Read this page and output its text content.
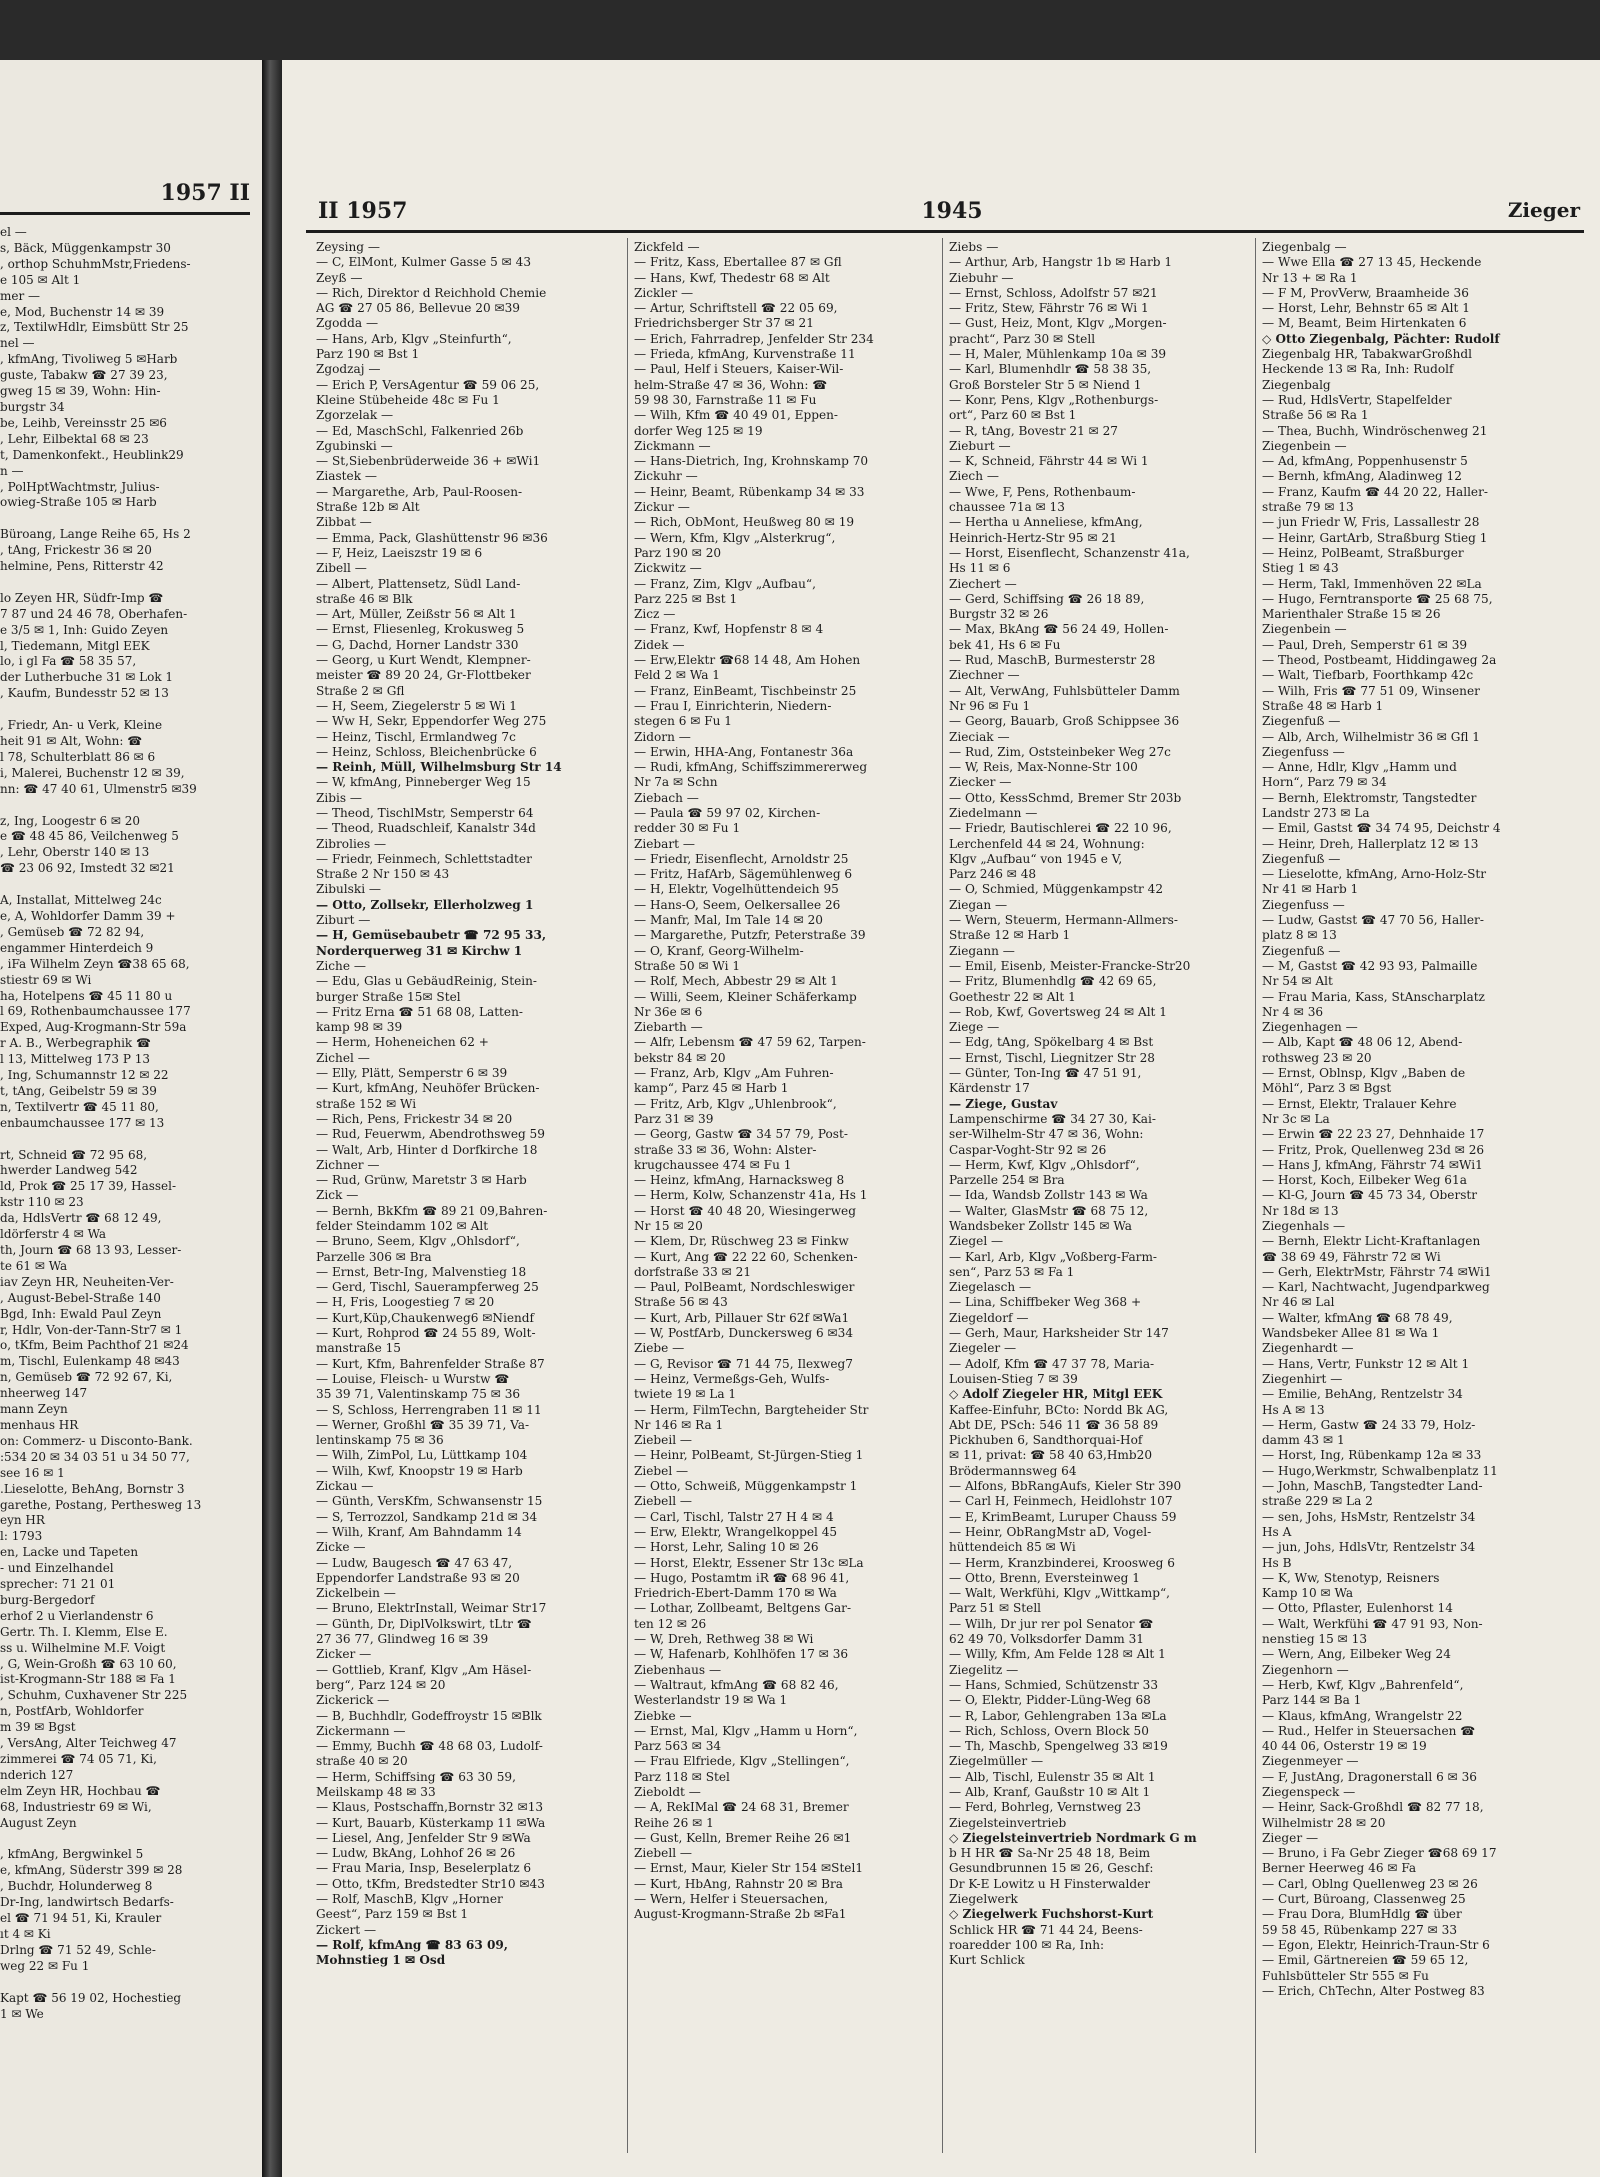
1957 II
el —
s, Bäck, Müggenkampstr 30
, orthop SchuhmMstr,Friedens-
e 105 ✉ Alt 1
mer —
e, Mod, Buchenstr 14 ✉ 39
z, TextilwHdlr, Eimsbütt Str 25
nel —
, kfmAng, Tivoliweg 5 ✉Harb
guste, Tabakw ☎ 27 39 23,
gweg 15 ✉ 39, Wohn: Hin-
burgstr 34
be, Leihb, Vereinsstr 25 ✉6
, Lehr, Eilbektal 68 ✉ 23
t, Damenkonfekt., Heublink29
n —
, PolHptWachtmstr, Julius-
owieg-Straße 105 ✉ Harb

Büroang, Lange Reihe 65, Hs 2
, tAng, Frickestr 36 ✉ 20
helmine, Pens, Ritterstr 42

lo Zeyen HR, Südfr-Imp ☎
7 87 und 24 46 78, Oberhafen-
e 3/5 ✉ 1, Inh: Guido Zeyen
l, Tiedemann, Mitgl EEK
lo, i gl Fa ☎ 58 35 57,
der Lutherbuche 31 ✉ Lok 1
, Kaufm, Bundesstr 52 ✉ 13

, Friedr, An- u Verk, Kleine
heit 91 ✉ Alt, Wohn: ☎
l 78, Schulterblatt 86 ✉ 6
i, Malerei, Buchenstr 12 ✉ 39,
nn: ☎ 47 40 61, Ulmenstr5 ✉39

z, Ing, Loogestr 6 ✉ 20
e ☎ 48 45 86, Veilchenweg 5
, Lehr, Oberstr 140 ✉ 13
☎ 23 06 92, Imstedt 32 ✉21

A, Installat, Mittelweg 24c
e, A, Wohldorfer Damm 39 +
, Gemüseb ☎ 72 82 94,
engammer Hinterdeich 9
, iFa Wilhelm Zeyn ☎38 65 68,
stiestr 69 ✉ Wi
ha, Hotelpens ☎ 45 11 80 u
l 69, Rothenbaumchaussee 177
Exped, Aug-Krogmann-Str 59a
r A. B., Werbegraphik ☎
l 13, Mittelweg 173 P 13
, Ing, Schumannstr 12 ✉ 22
t, tAng, Geibelstr 59 ✉ 39
n, Textilvertr ☎ 45 11 80,
enbaumchaussee 177 ✉ 13

rt, Schneid ☎ 72 95 68,
hwerder Landweg 542
ld, Prok ☎ 25 17 39, Hassel-
kstr 110 ✉ 23
da, HdlsVertr ☎ 68 12 49,
ldörferstr 4 ✉ Wa
th, Journ ☎ 68 13 93, Lesser-
te 61 ✉ Wa
iav Zeyn HR, Neuheiten-Ver-
, August-Bebel-Straße 140
Bgd, Inh: Ewald Paul Zeyn
r, Hdlr, Von-der-Tann-Str7 ✉ 1
o, tKfm, Beim Pachthof 21 ✉24
m, Tischl, Eulenkamp 48 ✉43
n, Gemüseb ☎ 72 92 67, Ki,
nheerweg 147
mann Zeyn
menhaus HR
on: Commerz- u Disconto-Bank.
:534 20 ✉ 34 03 51 u 34 50 77,
see 16 ✉ 1
.Lieselotte, BehAng, Bornstr 3
garethe, Postang, Perthesweg 13
eyn HR
l: 1793
en, Lacke und Tapeten
- und Einzelhandel
sprecher: 71 21 01
burg-Bergedorf
erhof 2 u Vierlandenstr 6
Gertr. Th. I. Klemm, Else E.
ss u. Wilhelmine M.F. Voigt
, G, Wein-Großh ☎ 63 10 60,
ist-Krogmann-Str 188 ✉ Fa 1
, Schuhm, Cuxhavener Str 225
n, PostfArb, Wohldorfer
m 39 ✉ Bgst
, VersAng, Alter Teichweg 47
zimmerei ☎ 74 05 71, Ki,
nderich 127
elm Zeyn HR, Hochbau ☎
68, Industriestr 69 ✉ Wi,
August Zeyn

, kfmAng, Bergwinkel 5
e, kfmAng, Süderstr 399 ✉ 28
, Buchdr, Holunderweg 8
Dr-Ing, landwirtsch Bedarfs-
el ☎ 71 94 51, Ki, Krauler
ıt 4 ✉ Ki
Drlng ☎ 71 52 49, Schle-
weg 22 ✉ Fu 1

Kapt ☎ 56 19 02, Hochestieg
1 ✉ We
II 1957	1945	Zieger
Zeysing —
— C, ElMont, Kulmer Gasse 5 ✉ 43
Zeyß —
— Rich, Direktor d Reichhold Chemie
AG ☎ 27 05 86, Bellevue 20 ✉39
Zgodda —
— Hans, Arb, Klgv „Steinfurth“,
Parz 190 ✉ Bst 1
Zgodzaj —
— Erich P, VersAgentur ☎ 59 06 25,
Kleine Stübeheide 48c ✉ Fu 1
Zgorzelak —
— Ed, MaschSchl, Falkenried 26b
Zgubinski —
— St,Siebenbrüderweide 36 + ✉Wi1
Ziastek —
— Margarethe, Arb, Paul-Roosen-
Straße 12b ✉ Alt
Zibbat —
— Emma, Pack, Glashüttenstr 96 ✉36
— F, Heiz, Laeiszstr 19 ✉ 6
Zibell —
— Albert, Plattensetz, Südl Land-
straße 46 ✉ Blk
— Art, Müller, Zeißstr 56 ✉ Alt 1
— Ernst, Fliesenleg, Krokusweg 5
— G, Dachd, Horner Landstr 330
— Georg, u Kurt Wendt, Klempner-
meister ☎ 89 20 24, Gr-Flottbeker
Straße 2 ✉ Gfl
— H, Seem, Ziegelerstr 5 ✉ Wi 1
— Ww H, Sekr, Eppendorfer Weg 275
— Heinz, Tischl, Ermlandweg 7c
— Heinz, Schloss, Bleichenbrücke 6
— Reinh, Müll, Wilhelmsburg Str 14
— W, kfmAng, Pinneberger Weg 15
Zibis —
— Theod, TischlMstr, Semperstr 64
— Theod, Ruadschleif, Kanalstr 34d
Zibrolies —
— Friedr, Feinmech, Schlettstadter
Straße 2 Nr 150 ✉ 43
Zibulski —
— Otto, Zollsekr, Ellerholzweg 1
Ziburt —
— H, Gemüsebaubetr ☎ 72 95 33,
Norderquerweg 31 ✉ Kirchw 1
Ziche —
— Edu, Glas u GebäudReinig, Stein-
burger Straße 15✉ Stel
— Fritz Erna ☎ 51 68 08, Latten-
kamp 98 ✉ 39
— Herm, Hoheneichen 62 +
Zichel —
— Elly, Plätt, Semperstr 6 ✉ 39
— Kurt, kfmAng, Neuhöfer Brücken-
straße 152 ✉ Wi
— Rich, Pens, Frickestr 34 ✉ 20
— Rud, Feuerwm, Abendrothsweg 59
— Walt, Arb, Hinter d Dorfkirche 18
Zichner —
— Rud, Grünw, Maretstr 3 ✉ Harb
Zick —
— Bernh, BkKfm ☎ 89 21 09,Bahren-
felder Steindamm 102 ✉ Alt
— Bruno, Seem, Klgv „Ohlsdorf“,
Parzelle 306 ✉ Bra
— Ernst, Betr-Ing, Malvenstieg 18
— Gerd, Tischl, Sauerampferweg 25
— H, Fris, Loogestieg 7 ✉ 20
— Kurt,Küp,Chaukenweg6 ✉Niendf
— Kurt, Rohprod ☎ 24 55 89, Wolt-
manstraße 15
— Kurt, Kfm, Bahrenfelder Straße 87
— Louise, Fleisch- u Wurstw ☎
35 39 71, Valentinskamp 75 ✉ 36
— S, Schloss, Herrengraben 11 ✉ 11
— Werner, Großhl ☎ 35 39 71, Va-
lentinskamp 75 ✉ 36
— Wilh, ZimPol, Lu, Lüttkamp 104
— Wilh, Kwf, Knoopstr 19 ✉ Harb
Zickau —
— Günth, VersKfm, Schwansenstr 15
— S, Terrozzol, Sandkamp 21d ✉ 34
— Wilh, Kranf, Am Bahndamm 14
Zicke —
— Ludw, Baugesch ☎ 47 63 47,
Eppendorfer Landstraße 93 ✉ 20
Zickelbein —
— Bruno, ElektrInstall, Weimar Str17
— Günth, Dr, DiplVolkswirt, tLtr ☎
27 36 77, Glindweg 16 ✉ 39
Zicker —
— Gottlieb, Kranf, Klgv „Am Häsel-
berg“, Parz 124 ✉ 20
Zickerick —
— B, Buchhdlr, Godeffroystr 15 ✉Blk
Zickermann —
— Emmy, Buchh ☎ 48 68 03, Ludolf-
straße 40 ✉ 20
— Herm, Schiffsing ☎ 63 30 59,
Meilskamp 48 ✉ 33
— Klaus, Postschaffn,Bornstr 32 ✉13
— Kurt, Bauarb, Küsterkamp 11 ✉Wa
— Liesel, Ang, Jenfelder Str 9 ✉Wa
— Ludw, BkAng, Lohhof 26 ✉ 26
— Frau Maria, Insp, Beselerplatz 6
— Otto, tKfm, Bredstedter Str10 ✉43
— Rolf, MaschB, Klgv „Horner
Geest“, Parz 159 ✉ Bst 1
Zickert —
— Rolf, kfmAng ☎ 83 63 09,
Mohnstieg 1 ✉ Osd
Zickfeld —
— Fritz, Kass, Ebertallee 87 ✉ Gfl
— Hans, Kwf, Thedestr 68 ✉ Alt
Zickler —
— Artur, Schriftstell ☎ 22 05 69,
Friedrichsberger Str 37 ✉ 21
— Erich, Fahrradrep, Jenfelder Str 234
— Frieda, kfmAng, Kurvenstraße 11
— Paul, Helf i Steuers, Kaiser-Wil-
helm-Straße 47 ✉ 36, Wohn: ☎
59 98 30, Farnstraße 11 ✉ Fu
— Wilh, Kfm ☎ 40 49 01, Eppen-
dorfer Weg 125 ✉ 19
Zickmann —
— Hans-Dietrich, Ing, Krohnskamp 70
Zickuhr —
— Heinr, Beamt, Rübenkamp 34 ✉ 33
Zickur —
— Rich, ObMont, Heußweg 80 ✉ 19
— Wern, Kfm, Klgv „Alsterkrug“,
Parz 190 ✉ 20
Zickwitz —
— Franz, Zim, Klgv „Aufbau“,
Parz 225 ✉ Bst 1
Zicz —
— Franz, Kwf, Hopfenstr 8 ✉ 4
Zidek —
— Erw,Elektr ☎68 14 48, Am Hohen
Feld 2 ✉ Wa 1
— Franz, EinBeamt, Tischbeinstr 25
— Frau I, Einrichterin, Niedern-
stegen 6 ✉ Fu 1
Zidorn —
— Erwin, HHA-Ang, Fontanestr 36a
— Rudi, kfmAng, Schiffszimmererweg
Nr 7a ✉ Schn
Ziebach —
— Paula ☎ 59 97 02, Kirchen-
redder 30 ✉ Fu 1
Ziebart —
— Friedr, Eisenflecht, Arnoldstr 25
— Fritz, HafArb, Sägemühlenweg 6
— H, Elektr, Vogelhüttendeich 95
— Hans-O, Seem, Oelkersallee 26
— Manfr, Mal, Im Tale 14 ✉ 20
— Margarethe, Putzfr, Peterstraße 39
— O, Kranf, Georg-Wilhelm-
Straße 50 ✉ Wi 1
— Rolf, Mech, Abbestr 29 ✉ Alt 1
— Willi, Seem, Kleiner Schäferkamp
Nr 36e ✉ 6
Ziebarth —
— Alfr, Lebensm ☎ 47 59 62, Tarpen-
bekstr 84 ✉ 20
— Franz, Arb, Klgv „Am Fuhren-
kamp“, Parz 45 ✉ Harb 1
— Fritz, Arb, Klgv „Uhlenbrook“,
Parz 31 ✉ 39
— Georg, Gastw ☎ 34 57 79, Post-
straße 33 ✉ 36, Wohn: Alster-
krugchaussee 474 ✉ Fu 1
— Heinz, kfmAng, Harnacksweg 8
— Herm, Kolw, Schanzenstr 41a, Hs 1
— Horst ☎ 40 48 20, Wiesingerweg
Nr 15 ✉ 20
— Klem, Dr, Rüschweg 23 ✉ Finkw
— Kurt, Ang ☎ 22 22 60, Schenken-
dorfstraße 33 ✉ 21
— Paul, PolBeamt, Nordschleswiger
Straße 56 ✉ 43
— Kurt, Arb, Pillauer Str 62f ✉Wa1
— W, PostfArb, Dunckersweg 6 ✉34
Ziebe —
— G, Revisor ☎ 71 44 75, Ilexweg7
— Heinz, Vermeßgs-Geh, Wulfs-
twiete 19 ✉ La 1
— Herm, FilmTechn, Bargteheider Str
Nr 146 ✉ Ra 1
Ziebeil —
— Heinr, PolBeamt, St-Jürgen-Stieg 1
Ziebel —
— Otto, Schweiß, Müggenkampstr 1
Ziebell —
— Carl, Tischl, Talstr 27 H 4 ✉ 4
— Erw, Elektr, Wrangelkoppel 45
— Horst, Lehr, Saling 10 ✉ 26
— Horst, Elektr, Essener Str 13c ✉La
— Hugo, Postamtm iR ☎ 68 96 41,
Friedrich-Ebert-Damm 170 ✉ Wa
— Lothar, Zollbeamt, Beltgens Gar-
ten 12 ✉ 26
— W, Dreh, Rethweg 38 ✉ Wi
— W, Hafenarb, Kohlhöfen 17 ✉ 36
Ziebenhaus —
— Waltraut, kfmAng ☎ 68 82 46,
Westerlandstr 19 ✉ Wa 1
Ziebke —
— Ernst, Mal, Klgv „Hamm u Horn“,
Parz 563 ✉ 34
— Frau Elfriede, Klgv „Stellingen“,
Parz 118 ✉ Stel
Zieboldt —
— A, RekIMal ☎ 24 68 31, Bremer
Reihe 26 ✉ 1
— Gust, Kelln, Bremer Reihe 26 ✉1
Ziebell —
— Ernst, Maur, Kieler Str 154 ✉Stel1
— Kurt, HbAng, Rahnstr 20 ✉ Bra
— Wern, Helfer i Steuersachen,
August-Krogmann-Straße 2b ✉Fa1
Ziebs —
— Arthur, Arb, Hangstr 1b ✉ Harb 1
Ziebuhr —
— Ernst, Schloss, Adolfstr 57 ✉21
— Fritz, Stew, Fährstr 76 ✉ Wi 1
— Gust, Heiz, Mont, Klgv „Morgen-
pracht“, Parz 30 ✉ Stell
— H, Maler, Mühlenkamp 10a ✉ 39
— Karl, Blumenhdlr ☎ 58 38 35,
Groß Borsteler Str 5 ✉ Niend 1
— Konr, Pens, Klgv „Rothenburgs-
ort“, Parz 60 ✉ Bst 1
— R, tAng, Bovestr 21 ✉ 27
Zieburt —
— K, Schneid, Fährstr 44 ✉ Wi 1
Ziech —
— Wwe, F, Pens, Rothenbaum-
chaussee 71a ✉ 13
— Hertha u Anneliese, kfmAng,
Heinrich-Hertz-Str 95 ✉ 21
— Horst, Eisenflecht, Schanzenstr 41a,
Hs 11 ✉ 6
Ziechert —
— Gerd, Schiffsing ☎ 26 18 89,
Burgstr 32 ✉ 26
— Max, BkAng ☎ 56 24 49, Hollen-
bek 41, Hs 6 ✉ Fu
— Rud, MaschB, Burmesterstr 28
Ziechner —
— Alt, VerwAng, Fuhlsbütteler Damm
Nr 96 ✉ Fu 1
— Georg, Bauarb, Groß Schippsee 36
Zieciak —
— Rud, Zim, Oststeinbeker Weg 27c
— W, Reis, Max-Nonne-Str 100
Ziecker —
— Otto, KessSchmd, Bremer Str 203b
Ziedelmann —
— Friedr, Bautischlerei ☎ 22 10 96,
Lerchenfeld 44 ✉ 24, Wohnung:
Klgv „Aufbau“ von 1945 e V,
Parz 246 ✉ 48
— O, Schmied, Müggenkampstr 42
Ziegan —
— Wern, Steuerm, Hermann-Allmers-
Straße 12 ✉ Harb 1
Ziegann —
— Emil, Eisenb, Meister-Francke-Str20
— Fritz, Blumenhdlg ☎ 42 69 65,
Goethestr 22 ✉ Alt 1
— Rob, Kwf, Govertsweg 24 ✉ Alt 1
Ziege —
— Edg, tAng, Spökelbarg 4 ✉ Bst
— Ernst, Tischl, Liegnitzer Str 28
— Günter, Ton-Ing ☎ 47 51 91,
Kärdenstr 17
— Ziege, Gustav
Lampenschirme ☎ 34 27 30, Kai-
ser-Wilhelm-Str 47 ✉ 36, Wohn:
Caspar-Voght-Str 92 ✉ 26
— Herm, Kwf, Klgv „Ohlsdorf“,
Parzelle 254 ✉ Bra
— Ida, Wandsb Zollstr 143 ✉ Wa
— Walter, GlasMstr ☎ 68 75 12,
Wandsbeker Zollstr 145 ✉ Wa
Ziegel —
— Karl, Arb, Klgv „Voßberg-Farm-
sen“, Parz 53 ✉ Fa 1
Ziegelasch —
— Lina, Schiffbeker Weg 368 +
Ziegeldorf —
— Gerh, Maur, Harksheider Str 147
Ziegeler —
— Adolf, Kfm ☎ 47 37 78, Maria-
Louisen-Stieg 7 ✉ 39
◇ Adolf Ziegeler HR, Mitgl EEK
Kaffee-Einfuhr, BCto: Nordd Bk AG,
Abt DE, PSch: 546 11 ☎ 36 58 89
Pickhuben 6, Sandthorquai-Hof
✉ 11, privat: ☎ 58 40 63,Hmb20
Brödermannsweg 64
— Alfons, BbRangAufs, Kieler Str 390
— Carl H, Feinmech, Heidlohstr 107
— E, KrimBeamt, Luruper Chauss 59
— Heinr, ObRangMstr aD, Vogel-
hüttendeich 85 ✉ Wi
— Herm, Kranzbinderei, Kroosweg 6
— Otto, Brenn, Eversteinweg 1
— Walt, Werkfühi, Klgv „Wittkamp“,
Parz 51 ✉ Stell
— Wilh, Dr jur rer pol Senator ☎
62 49 70, Volksdorfer Damm 31
— Willy, Kfm, Am Felde 128 ✉ Alt 1
Ziegelitz —
— Hans, Schmied, Schützenstr 33
— O, Elektr, Pidder-Lüng-Weg 68
— R, Labor, Gehlengraben 13a ✉La
— Rich, Schloss, Overn Block 50
— Th, Maschb, Spengelweg 33 ✉19
Ziegelmüller —
— Alb, Tischl, Eulenstr 35 ✉ Alt 1
— Alb, Kranf, Gaußstr 10 ✉ Alt 1
— Ferd, Bohrleg, Vernstweg 23
Ziegelsteinvertrieb
◇ Ziegelsteinvertrieb Nordmark G m
b H HR ☎ Sa-Nr 25 48 18, Beim
Gesundbrunnen 15 ✉ 26, Geschf:
Dr K-E Lowitz u H Finsterwalder
Ziegelwerk
◇ Ziegelwerk Fuchshorst-Kurt
Schlick HR ☎ 71 44 24, Beens-
roaredder 100 ✉ Ra, Inh:
Kurt Schlick
Ziegenbalg —
— Wwe Ella ☎ 27 13 45, Heckende
Nr 13 + ✉ Ra 1
— F M, ProvVerw, Braamheide 36
— Horst, Lehr, Behnstr 65 ✉ Alt 1
— M, Beamt, Beim Hirtenkaten 6
◇ Otto Ziegenbalg, Pächter: Rudolf
Ziegenbalg HR, TabakwarGroßhdl
Heckende 13 ✉ Ra, Inh: Rudolf
Ziegenbalg
— Rud, HdlsVertr, Stapelfelder
Straße 56 ✉ Ra 1
— Thea, Buchh, Windröschenweg 21
Ziegenbein —
— Ad, kfmAng, Poppenhusenstr 5
— Bernh, kfmAng, Aladinweg 12
— Franz, Kaufm ☎ 44 20 22, Haller-
straße 79 ✉ 13
— jun Friedr W, Fris, Lassallestr 28
— Heinr, GartArb, Straßburg Stieg 1
— Heinz, PolBeamt, Straßburger
Stieg 1 ✉ 43
— Herm, Takl, Immenhöven 22 ✉La
— Hugo, Ferntransporte ☎ 25 68 75,
Marienthaler Straße 15 ✉ 26
Ziegenbein —
— Paul, Dreh, Semperstr 61 ✉ 39
— Theod, Postbeamt, Hiddingaweg 2a
— Walt, Tiefbarb, Foorthkamp 42c
— Wilh, Fris ☎ 77 51 09, Winsener
Straße 48 ✉ Harb 1
Ziegenfuß —
— Alb, Arch, Wilhelmistr 36 ✉ Gfl 1
Ziegenfuss —
— Anne, Hdlr, Klgv „Hamm und
Horn“, Parz 79 ✉ 34
— Bernh, Elektromstr, Tangstedter
Landstr 273 ✉ La
— Emil, Gastst ☎ 34 74 95, Deichstr 4
— Heinr, Dreh, Hallerplatz 12 ✉ 13
Ziegenfuß —
— Lieselotte, kfmAng, Arno-Holz-Str
Nr 41 ✉ Harb 1
Ziegenfuss —
— Ludw, Gastst ☎ 47 70 56, Haller-
platz 8 ✉ 13
Ziegenfuß —
— M, Gastst ☎ 42 93 93, Palmaille
Nr 54 ✉ Alt
— Frau Maria, Kass, StAnscharplatz
Nr 4 ✉ 36
Ziegenhagen —
— Alb, Kapt ☎ 48 06 12, Abend-
rothsweg 23 ✉ 20
— Ernst, Oblnsp, Klgv „Baben de
Möhl“, Parz 3 ✉ Bgst
— Ernst, Elektr, Tralauer Kehre
Nr 3c ✉ La
— Erwin ☎ 22 23 27, Dehnhaide 17
— Fritz, Prok, Quellenweg 23d ✉ 26
— Hans J, kfmAng, Fährstr 74 ✉Wi1
— Horst, Koch, Eilbeker Weg 61a
— Kl-G, Journ ☎ 45 73 34, Oberstr
Nr 18d ✉ 13
Ziegenhals —
— Bernh, Elektr Licht-Kraftanlagen
☎ 38 69 49, Fährstr 72 ✉ Wi
— Gerh, ElektrMstr, Fährstr 74 ✉Wi1
— Karl, Nachtwacht, Jugendparkweg
Nr 46 ✉ Lal
— Walter, kfmAng ☎ 68 78 49,
Wandsbeker Allee 81 ✉ Wa 1
Ziegenhardt —
— Hans, Vertr, Funkstr 12 ✉ Alt 1
Ziegenhirt —
— Emilie, BehAng, Rentzelstr 34
Hs A ✉ 13
— Herm, Gastw ☎ 24 33 79, Holz-
damm 43 ✉ 1
— Horst, Ing, Rübenkamp 12a ✉ 33
— Hugo,Werkmstr, Schwalbenplatz 11
— John, MaschB, Tangstedter Land-
straße 229 ✉ La 2
— sen, Johs, HsMstr, Rentzelstr 34
Hs A
— jun, Johs, HdlsVtr, Rentzelstr 34
Hs B
— K, Ww, Stenotyp, Reisners
Kamp 10 ✉ Wa
— Otto, Pflaster, Eulenhorst 14
— Walt, Werkfühi ☎ 47 91 93, Non-
nenstieg 15 ✉ 13
— Wern, Ang, Eilbeker Weg 24
Ziegenhorn —
— Herb, Kwf, Klgv „Bahrenfeld“,
Parz 144 ✉ Ba 1
— Klaus, kfmAng, Wrangelstr 22
— Rud., Helfer in Steuersachen ☎
40 44 06, Osterstr 19 ✉ 19
Ziegenmeyer —
— F, JustAng, Dragonerstall 6 ✉ 36
Ziegenspeck —
— Heinr, Sack-Großhdl ☎ 82 77 18,
Wilhelmistr 28 ✉ 20
Zieger —
— Bruno, i Fa Gebr Zieger ☎68 69 17
Berner Heerweg 46 ✉ Fa
— Carl, Oblng Quellenweg 23 ✉ 26
— Curt, Büroang, Classenweg 25
— Frau Dora, BlumHdlg ☎ über
59 58 45, Rübenkamp 227 ✉ 33
— Egon, Elektr, Heinrich-Traun-Str 6
— Emil, Gärtnereien ☎ 59 65 12,
Fuhlsbütteler Str 555 ✉ Fu
— Erich, ChTechn, Alter Postweg 83
